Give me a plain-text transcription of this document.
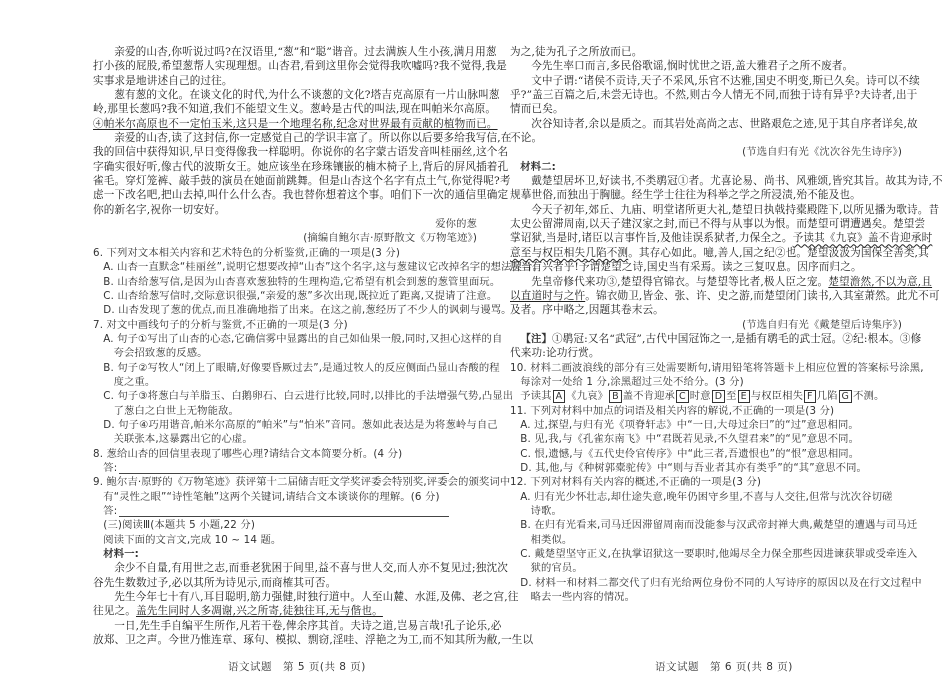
亲爱的山杏,你听说过吗?在汉语里,“葱”和“聪”谐音。过去满族人生小孩,满月用葱
打小孩的屁股,希望葱帮人实现理想。山杏君,看到这里你会觉得我吹嘘吗?我不觉得,我是
实事求是地讲述自己的过往。
葱有葱的文化。在谈文化的时代,为什么不谈葱的文化?塔吉克高原有一片山脉叫葱
岭,那里长葱吗?我不知道,我们不能望文生义。葱岭是古代的叫法,现在叫帕米尔高原。
④帕米尔高原也不一定怕玉米,这只是一个地理名称,纪念对世界最有贡献的植物而已。
亲爱的山杏,读了这封信,你一定感觉自己的学识丰富了。所以你以后要多给我写信,在
我的回信中获得知识,早日变得像我一样聪明。你说你的名字蒙古语发音叫桂丽丝,这个名
字确实很好听,像古代的波斯女王。她应该坐在珍珠镶嵌的楠木椅子上,背后的屏风插着孔
雀毛。穿灯笼裤、敲手鼓的演员在她面前跳舞。但是山杏这个名字有点土气,你觉得呢?考
虑一下改名吧,把山去掉,叫什么什么杏。我也替你想着这个事。咱们下一次的通信里确定
你的新名字,祝你一切安好。
爱你的葱
(摘编自鲍尔吉·原野散文《万物笔迹》)
6. 下列对文本相关内容和艺术特色的分析鉴赏,正确的一项是(3 分)
A. 山杏一直默念“桂丽丝”,说明它想要改掉“山杏”这个名字,这与葱建议它改掉名字的想法契合。
B. 山杏给葱写信,是因为山杏喜欢葱独特的生理构造,它希望有机会到葱的葱管里面玩。
C. 山杏给葱写信时,交际意识很强,“亲爱的葱”多次出现,既拉近了距离,又提请了注意。
D. 山杏发现了葱的优点,而且准确地指了出来。在这之前,葱经历了不少人的讽刺与谩骂。
7. 对文中画线句子的分析与鉴赏,不正确的一项是(3 分)
A. 句子①写出了山杏的心态,它确信雾中显露出的自己如仙果一般,同时,又担心这样的自
夸会招致葱的反感。
B. 句子②写牧人“闭上了眼睛,好像要昏厥过去”,是通过牧人的反应侧面凸显山杏酸的程
度之重。
C. 句子③将葱白与羊脂玉、白鹅卵石、白云进行比较,同时,以排比的手法增强气势,凸显出
了葱白之白世上无物能敌。
D. 句子④巧用谐音,帕米尔高原的“帕米”与“怕米”音同。葱如此表达是为将葱岭与自己
关联张本,这暴露出它的心虚。
8. 葱给山杏的回信里表现了哪些心理?请结合文本简要分析。(4 分)
答:
9. 鲍尔吉·原野的《万物笔迹》获评第十二届储吉旺文学奖评委会特别奖,评委会的颁奖词中
有“灵性之眼”“诗性笔触”这两个关键词,请结合文本谈谈你的理解。(6 分)
答:
(三)阅读Ⅲ(本题共 5 小题,22 分)
阅读下面的文言文,完成 10 ~ 14 题。
材料一:
余少不自量,有用世之志,而垂老犹困于间里,益不喜与世人交,而人亦不复见过;独沈次
谷先生数数过予,必以其所为诗见示,而商榷其可否。
先生今年七十有八,耳目聪明,筋力强健,时独行道中。人至山麓、水涯,及佛、老之宫,往
往见之。盖先生同时人多凋谢,兴之所寄,徒独往耳,无与偕也。
一日,先生手自编平生所作,凡若干卷,俾余序其首。夫诗之道,岂易言哉!孔子论乐,必
放郑、卫之声。今世乃惟连章、琢句、模拟、剽窃,淫哇、浮艳之为工,而不知其所为敝,一生以
为之,徒为孔子之所放而已。
今先生率口而言,多民俗歌谣,悯时忧世之语,盖大雅君子之所不废者。
文中子谓:“诸侯不贡诗,天子不采风,乐官不达雅,国史不明变,斯已久矣。诗可以不续
乎?”盖三百篇之后,未尝无诗也。不然,则古今人情无不同,而独于诗有异乎?夫诗者,出于
情而已矣。
次谷知诗者,余以是质之。而其岩处高尚之志、世路艰危之迹,见于其自序者详矣,故
不论。
(节选自归有光《沈次谷先生诗序》)
材料二:
戴楚望居坏卫,好读书,不类鹖冠①者。尤喜论易、尚书、风雅颂,皆究其旨。故其为诗,不
规摹世俗,而独出于胸臆。经生学士往往为科举之学之所浸渍,殆不能及也。
今天子初年,郊丘、九庙、明堂诸所更大礼,楚望日执戟持橐殿陛下,以所见播为歌诗。昔
太史公留滞周南,以天子建汉家之封,而已不得与从事以为恨。而楚望可谓遭遇矣。楚望尝
掌诏狱,当是时,诸臣以言事忤旨,及他诖误系狱者,力保全之。予读其《九哀》盖不肯迎承时
意至与权臣相失几陷不测。其存心如此。噫,善人,国之纪②也。楚望汲汲为国保全善类,其
后当有兴者乎!予谓楚望之诗,国史当有采焉。读之三复叹息。因序而归之。
先皇帝修代来功③,楚望得官锦衣。与楚望等比者,极人臣之宠。楚望澹然,不以为意,且
以直道时与之忤。锦衣勋卫,皆金、张、许、史之游,而楚望闭门读书,入其室萧然。此尤不可
及者。序中略之,因题其卷末云。
(节选自归有光《戴楚望后诗集序》)
【注】①鹖冠:又名“武冠”,古代中国冠饰之一,是插有鹖毛的武士冠。②纪:根本。③修
代来功:论功行赏。
10. 材料二画波浪线的部分有三处需要断句,请用铅笔将答题卡上相应位置的答案标号涂黑,
每涂对一处给 1 分,涂黑超过三处不给分。(3 分)
予读其 A 《九哀》 B 盖不肯迎承 C 时意 D 至 E 与权臣相失 F 几陷 G 不测。
11. 下列对材料中加点的词语及相关内容的解说,不正确的一项是(3 分)
A. 过,探望,与归有光《项脊轩志》中“一日,大母过余曰”的“过”意思相同。
B. 见,我,与《孔雀东南飞》中“君既若见录,不久望君来”的“见”意思不同。
C. 恨,遗憾,与《五代史伶官传序》中“此三者,吾遗恨也”的“恨”意思相同。
D. 其,他,与《种树郭橐驼传》中“则与吾业者其亦有类乎”的“其”意思不同。
12. 下列对材料有关内容的概述,不正确的一项是(3 分)
A. 归有光少怀壮志,却仕途失意,晚年仍困守乡里,不喜与人交往,但常与沈次谷切磋
诗歌。
B. 在归有光看来,司马迁因滞留周南而没能参与汉武帝封禅大典,戴楚望的遭遇与司马迁
相类似。
C. 戴楚望坚守正义,在执掌诏狱这一要职时,他竭尽全力保全那些因进谏获罪或受牵连入
狱的官员。
D. 材料一和材料二都交代了归有光给两位身份不同的人写诗序的原因以及在行文过程中
略去一些内容的情况。
语文试题　第 5 页(共 8 页)	语文试题　第 6 页(共 8 页)
